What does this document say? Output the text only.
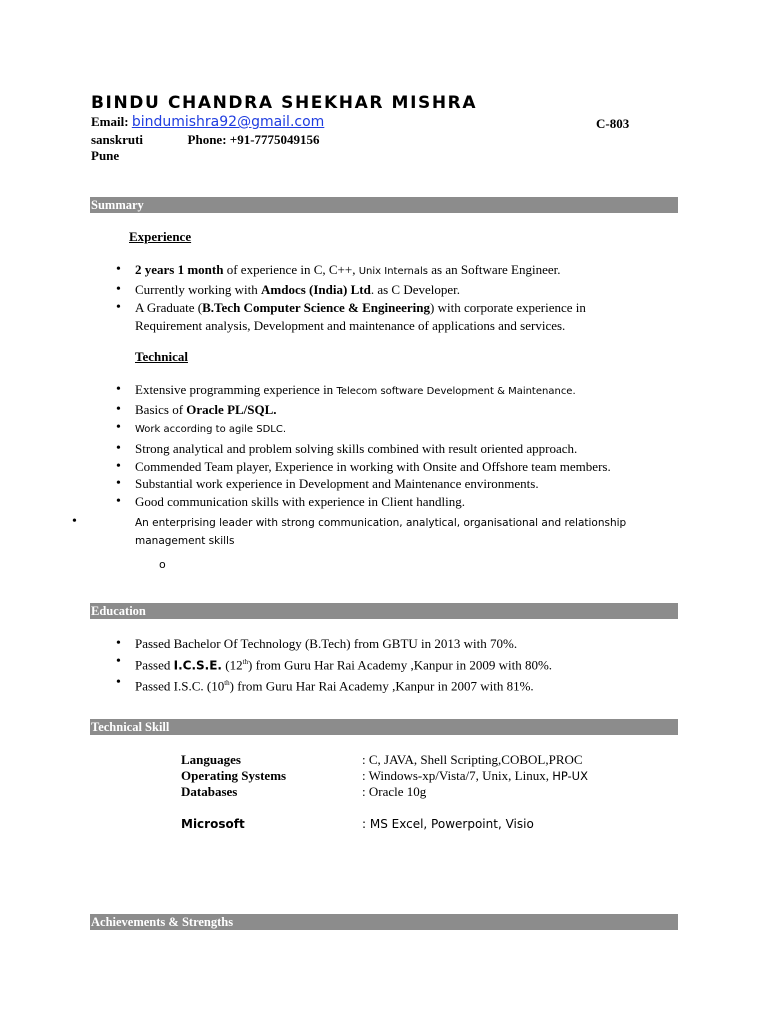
BINDU CHANDRA SHEKHAR MISHRA
Email: bindumishra92@gmail.com	C-803
sanskruti	Phone: +91-7775049156
Pune
Summary
Experience
• 2 years 1 month of experience in C, C++, Unix Internals as an Software Engineer.
• Currently working with Amdocs (India) Ltd. as C Developer.
• A Graduate (B.Tech Computer Science & Engineering) with corporate experience in Requirement analysis, Development and maintenance of applications and services.
Technical
• Extensive programming experience in Telecom software Development & Maintenance.
• Basics of Oracle PL/SQL.
• Work according to agile SDLC.
• Strong analytical and problem solving skills combined with result oriented approach.
• Commended Team player, Experience in working with Onsite and Offshore team members.
• Substantial work experience in Development and Maintenance environments.
• Good communication skills with experience in Client handling.
• An enterprising leader with strong communication, analytical, organisational and relationship management skills
o
Education
• Passed Bachelor Of Technology (B.Tech) from GBTU in 2013 with 70%.
• Passed I.C.S.E. (12th) from Guru Har Rai Academy ,Kanpur in 2009 with 80%.
• Passed I.S.C. (10th) from Guru Har Rai Academy ,Kanpur in 2007 with 81%.
Technical Skill
Languages	: C, JAVA, Shell Scripting,COBOL,PROC
Operating Systems	: Windows-xp/Vista/7, Unix, Linux, HP-UX
Databases	: Oracle 10g
Microsoft	: MS Excel, Powerpoint, Visio
Achievements & Strengths
